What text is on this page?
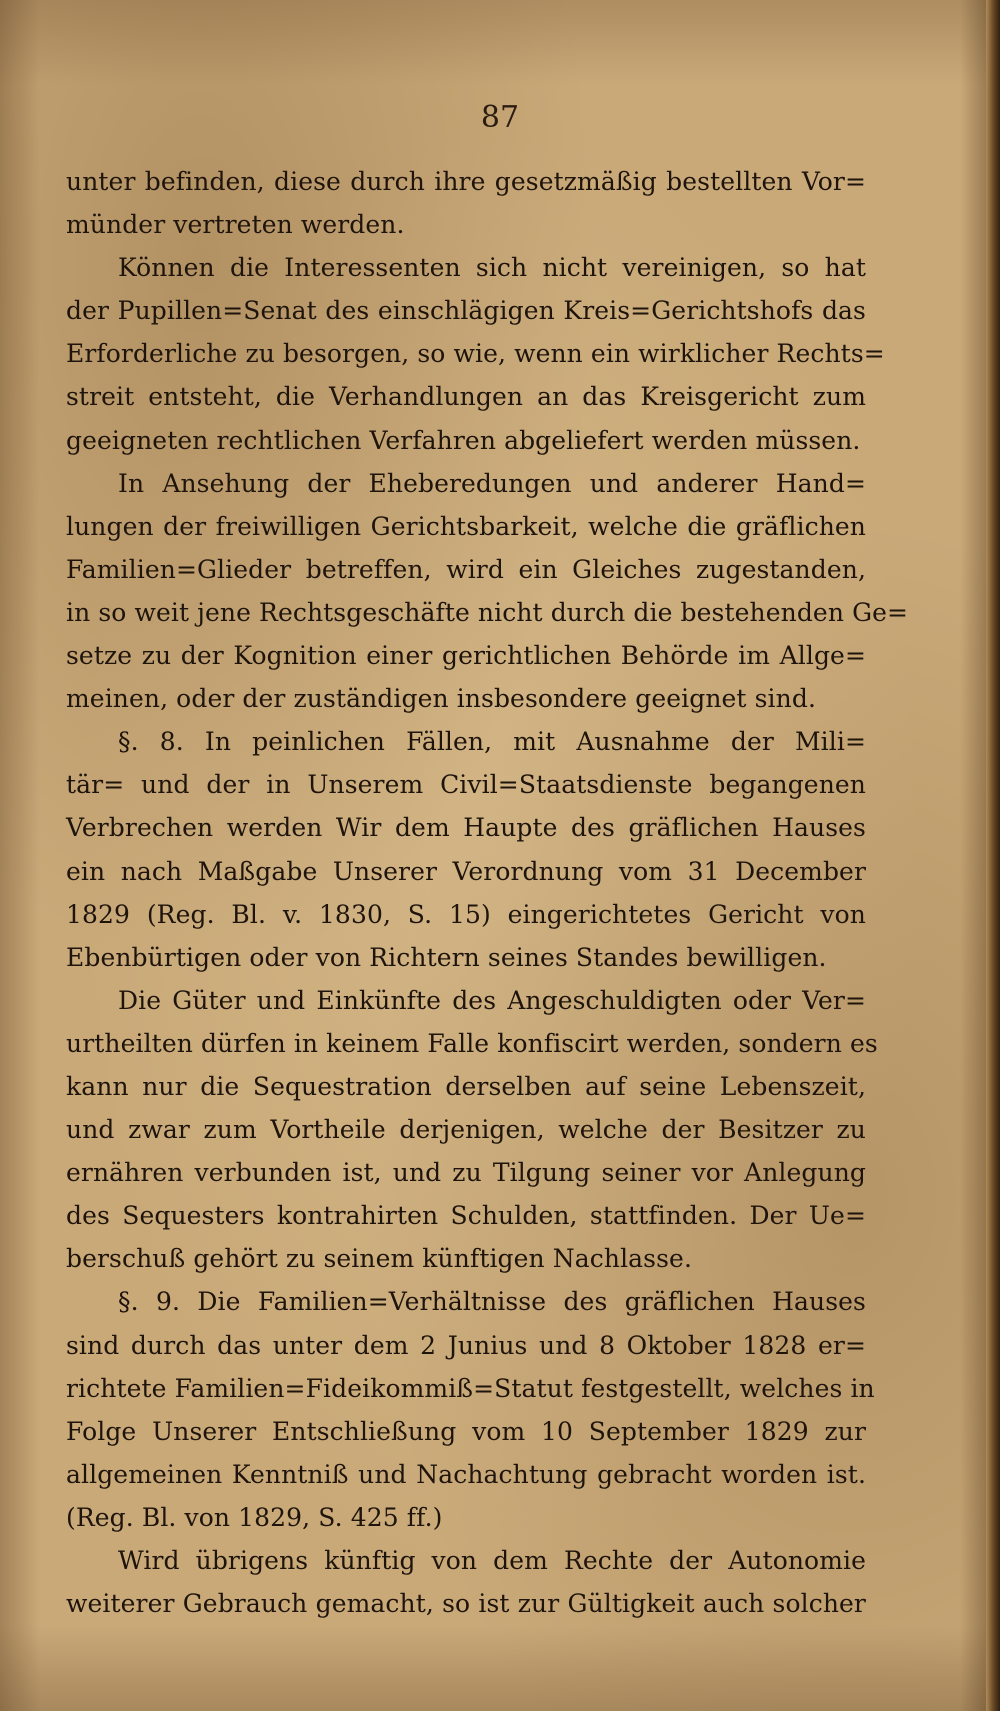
87
unter befinden, diese durch ihre gesetzmäßig bestellten Vor=
münder vertreten werden.
Können die Interessenten sich nicht vereinigen, so hat
der Pupillen=Senat des einschlägigen Kreis=Gerichtshofs das
Erforderliche zu besorgen, so wie, wenn ein wirklicher Rechts=
streit entsteht, die Verhandlungen an das Kreisgericht zum
geeigneten rechtlichen Verfahren abgeliefert werden müssen.
In Ansehung der Eheberedungen und anderer Hand=
lungen der freiwilligen Gerichtsbarkeit, welche die gräflichen
Familien=Glieder betreffen, wird ein Gleiches zugestanden,
in so weit jene Rechtsgeschäfte nicht durch die bestehenden Ge=
setze zu der Kognition einer gerichtlichen Behörde im Allge=
meinen, oder der zuständigen insbesondere geeignet sind.
§. 8. In peinlichen Fällen, mit Ausnahme der Mili=
tär= und der in Unserem Civil=Staatsdienste begangenen
Verbrechen werden Wir dem Haupte des gräflichen Hauses
ein nach Maßgabe Unserer Verordnung vom 31 December
1829 (Reg. Bl. v. 1830, S. 15) eingerichtetes Gericht von
Ebenbürtigen oder von Richtern seines Standes bewilligen.
Die Güter und Einkünfte des Angeschuldigten oder Ver=
urtheilten dürfen in keinem Falle konfiscirt werden, sondern es
kann nur die Sequestration derselben auf seine Lebenszeit,
und zwar zum Vortheile derjenigen, welche der Besitzer zu
ernähren verbunden ist, und zu Tilgung seiner vor Anlegung
des Sequesters kontrahirten Schulden, stattfinden. Der Ue=
berschuß gehört zu seinem künftigen Nachlasse.
§. 9. Die Familien=Verhältnisse des gräflichen Hauses
sind durch das unter dem 2 Junius und 8 Oktober 1828 er=
richtete Familien=Fideikommiß=Statut festgestellt, welches in
Folge Unserer Entschließung vom 10 September 1829 zur
allgemeinen Kenntniß und Nachachtung gebracht worden ist.
(Reg. Bl. von 1829, S. 425 ff.)
Wird übrigens künftig von dem Rechte der Autonomie
weiterer Gebrauch gemacht, so ist zur Gültigkeit auch solcher
